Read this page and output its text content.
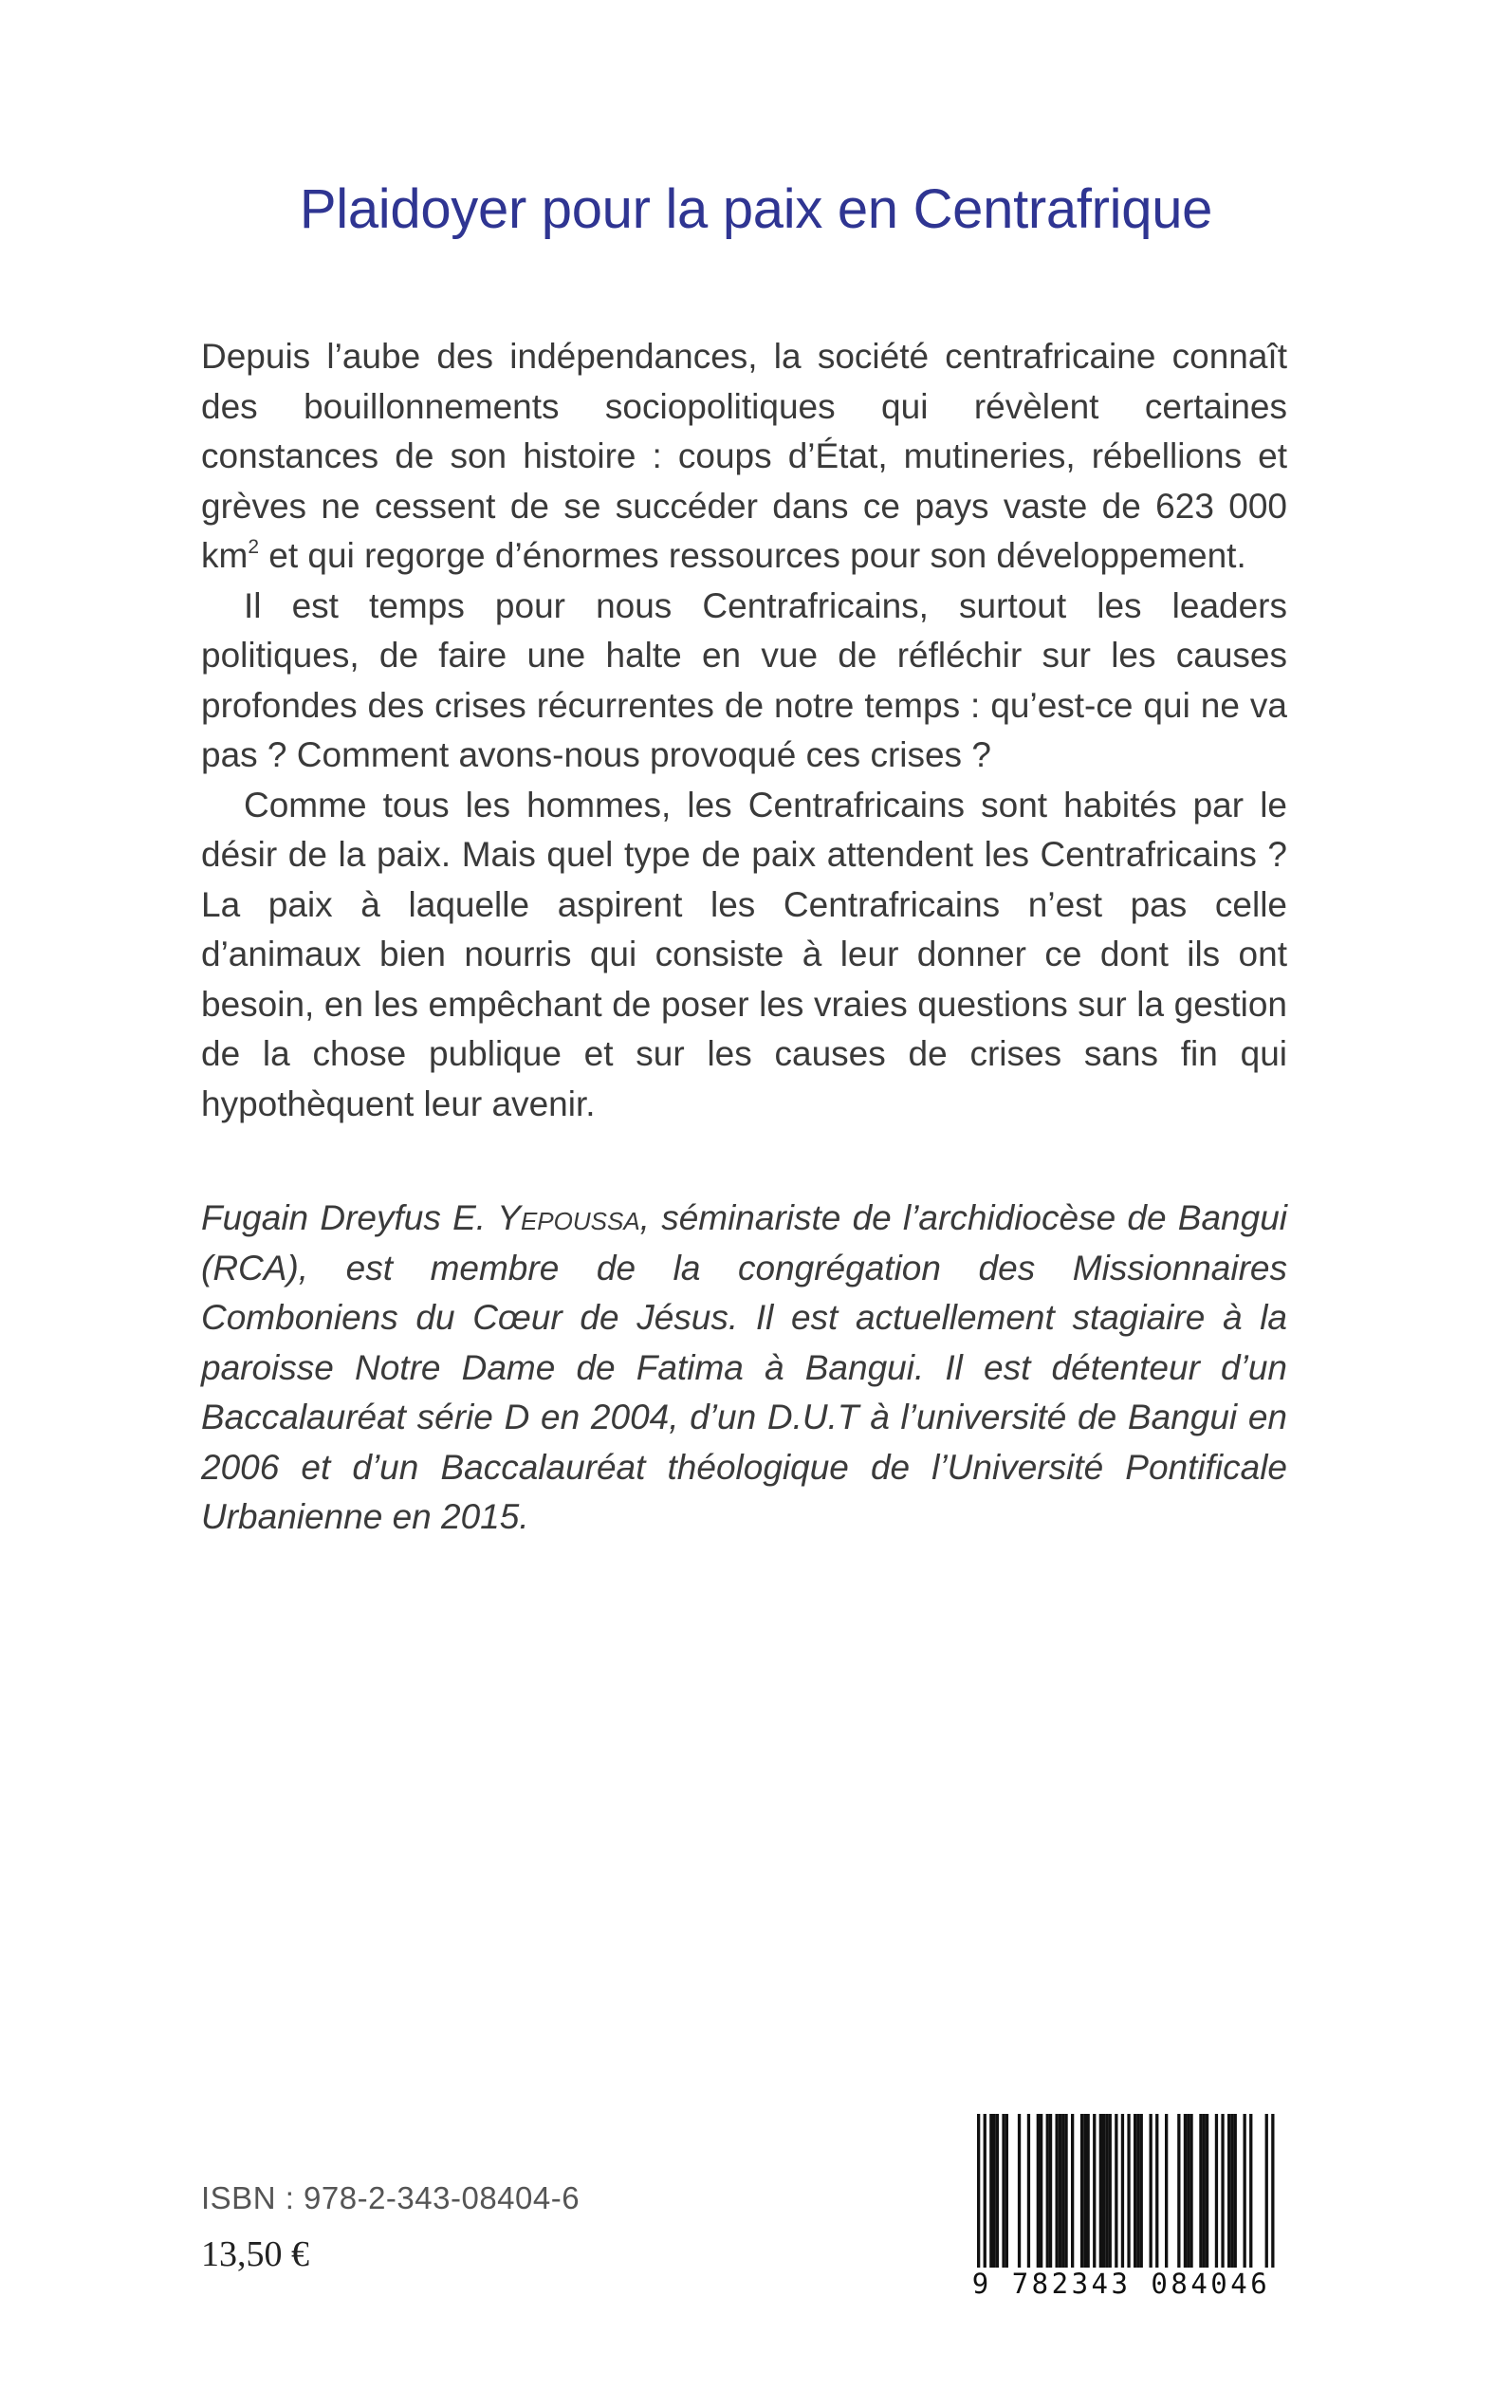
Plaidoyer pour la paix en Centrafrique

Depuis l’aube des indépendances, la société centrafricaine connaît des bouillonnements sociopolitiques qui révèlent certaines constances de son histoire : coups d’État, mutineries, rébellions et grèves ne cessent de se succéder dans ce pays vaste de 623 000 $km^2$ et qui regorge d’énormes ressources pour son développement.

Il est temps pour nous Centrafricains, surtout les leaders politiques, de faire une halte en vue de réfléchir sur les causes profondes des crises récurrentes de notre temps : qu’est-ce qui ne va pas ? Comment avons-nous provoqué ces crises ?

Comme tous les hommes, les Centrafricains sont habités par le désir de la paix. Mais quel type de paix attendent les Centrafricains ? La paix à laquelle aspirent les Centrafricains n’est pas celle d’animaux bien nourris qui consiste à leur donner ce dont ils ont besoin, en les empêchant de poser les vraies questions sur la gestion de la chose publique et sur les causes de crises sans fin qui hypothèquent leur avenir.

Fugain Dreyfus E. Yepoussa, séminariste de l’archidiocèse de Bangui (RCA), est membre de la congrégation des Missionnaires Comboniens du Cœur de Jésus. Il est actuellement stagiaire à la paroisse Notre Dame de Fatima à Bangui. Il est détenteur d’un Baccalauréat série D en 2004, d’un D.U.T à l’université de Bangui en 2006 et d’un Baccalauréat théologique de l’Université Pontificale Urbanienne en 2015.
ISBN : 978-2-343-08404-6
13,50 €
9 782343 084046
